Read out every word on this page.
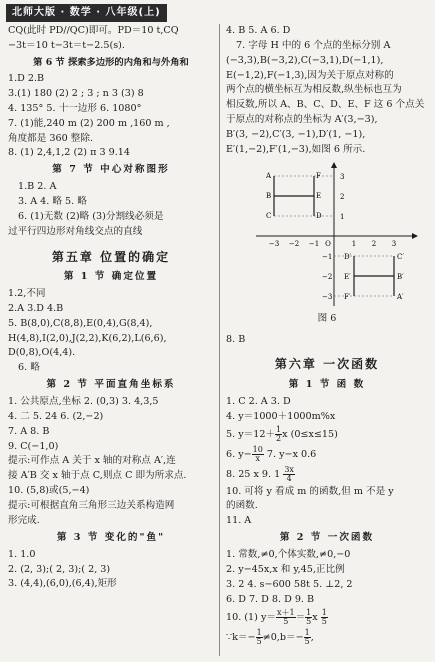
北师大版 · 数学 · 八年级(上)
CQ(此时 PD//QC)即可。PD＝10 t,CQ
−3t＝10 t−3t＝t−2.5(s).
第 6 节 探索多边形的内角和与外角和
1.D 2.B
3.(1) 180 (2) 2 ; 3 ; n 3 (3) 8
4. 135° 5. 十一边形 6. 1080°
7. (1)能,240 m (2) 200 m ,160 m ,
角度都是 360 整除.
8. (1) 2,4,1,2 (2) π 3 9.14
第 7 节 中心对称图形
1.B 2. A
3. A 4. 略 5. 略
6. (1)无数 (2)略 (3)分割线必须是
过平行四边形对角线交点的直线
第五章 位置的确定
第 1 节 确定位置
1.2,不同
2.A 3.D 4.B
5. B(8,0),C(8,8),E(0,4),G(8,4),
H(4,8),I(2,0),J(2,2),K(6,2),L(6,6),
D(0,8),O(4,4).
6. 略
第 2 节 平面直角坐标系
1. 公共原点,坐标 2. (0,3) 3. 4,3,5
4. 二 5. 24 6. (2,−2)
7. A 8. B
9. C(−1,0)
提示:可作点 A 关于 x 轴的对称点 A′,连
接 A′B 交 x 轴于点 C,则点 C 即为所求点.
10. (5,8)或(5,−4)
提示:可根据直角三角形三边关系构造网
形完成.
第 3 节 变化的"鱼"
1. 1.0
2. (2, 3);( 2, 3);( 2, 3)
3. (4,4),(6,0),(6,4),矩形
4. B 5. A 6. D
7. 字母 H 中的 6 个点的坐标分别 A
(−3,3),B(−3,2),C(−3,1),D(−1,1),
E(−1,2),F(−1,3),因为关于原点对称的
两个点的横坐标互为相反数,纵坐标也互为
相反数,所以 A、B、C、D、E、F 这 6 个点关
于原点的对称点的坐标为 A′(3,−3),
B′(3, −2),C′(3, −1),D′(1, −1),
E′(1,−2),F′(1,−3),如图 6 所示.
−3 −2 −1 O	1 2 3
3
2
1
−1
−2
−3
A	F
B	E
C	D
D′	C′
E′	B′
F′	A′
图 6
8. B
第六章 一次函数
第 1 节 函 数
1. C 2. A 3. D
4. y＝1000＋1000m%x
5. $y=12+ \frac{1}{2}$ x (0≤x≤15)
6. $y- \frac{10}{x} 7$. y−x 0.6
8. 25 x 9. $1 \frac{3x}{4}$
10. 可将 y 看成 m 的函数,但 m 不是 y
的函数.
11. A
第 2 节 一次函数
1. 常数,≠0,个体实数,≠0,−0
2. y−45x,x 和 y,45,正比例
3. 2 4. s−600 58t 5. ⊥2, 2
6. D 7. D 8. D 9. B
10. (1) $y= \frac{x+1}{5} = \frac{1}{5}$ x $\frac{1}{5}$
∵k＝− $\frac{1}{5} \ne 0,b=- \frac{1}{5}$ ,
